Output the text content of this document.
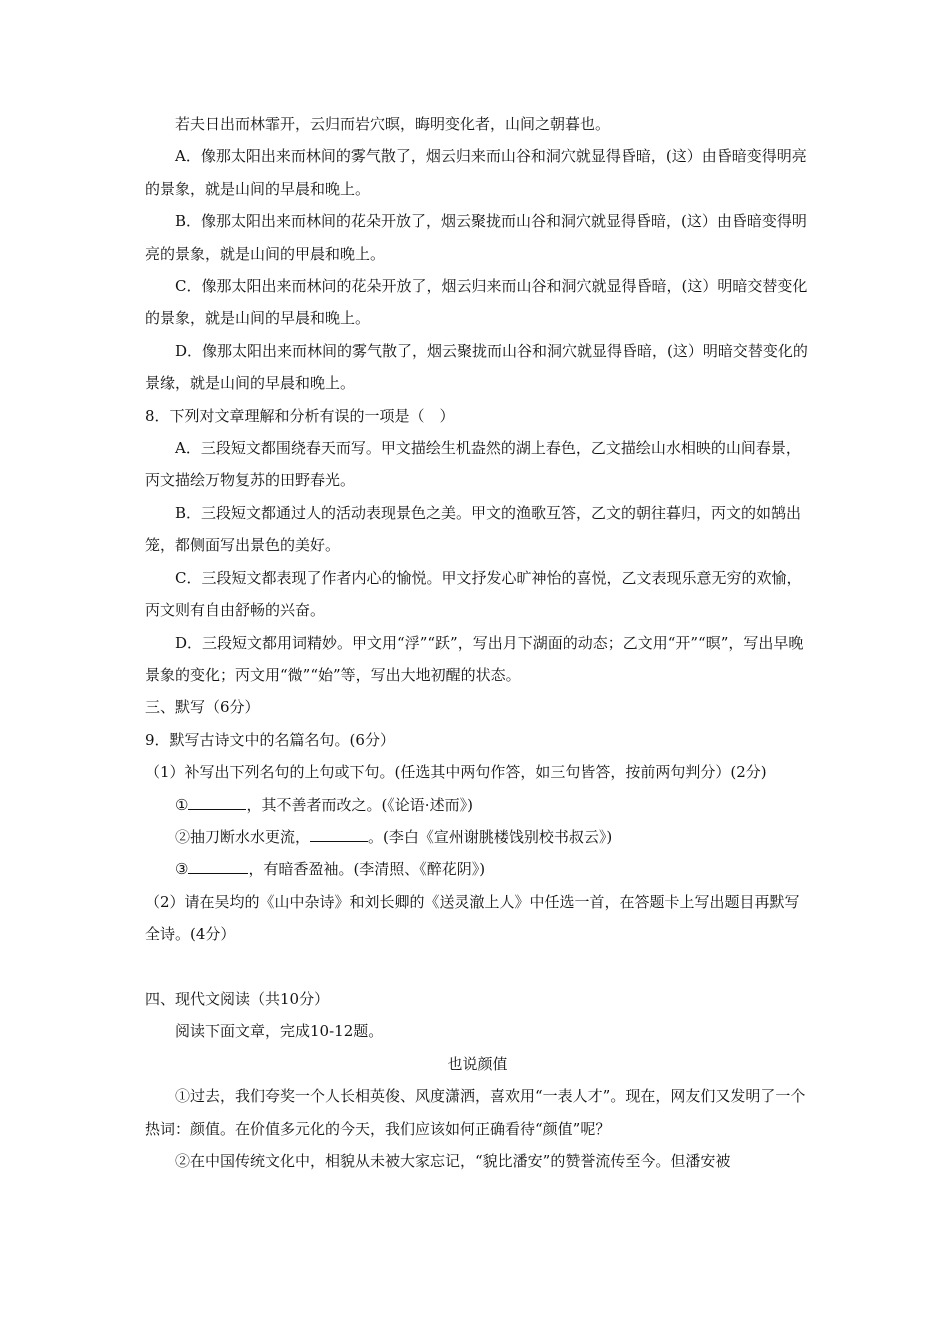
若夫日出而林霏开，云归而岩穴暝，晦明变化者，山间之朝暮也。

A．像那太阳出来而林间的雾气散了，烟云归来而山谷和洞穴就显得昏暗，(这）由昏暗变得明亮的景象，就是山间的早晨和晚上。

B．像那太阳出来而林间的花朵开放了，烟云聚拢而山谷和洞穴就显得昏暗，(这）由昏暗变得明亮的景象，就是山间的甲晨和晚上。

C．像那太阳出来而林问的花朵开放了，烟云归来而山谷和洞穴就显得昏暗，(这）明暗交替变化的景象，就是山间的早晨和晚上。

D．像那太阳出来而林间的雾气散了，烟云聚拢而山谷和洞穴就显得昏暗，(这）明暗交替变化的景缘，就是山间的早晨和晚上。

8．下列对文章理解和分析有误的一项是（　）

A．三段短文都围绕春天而写。甲文描绘生机盎然的湖上春色，乙文描绘山水相映的山间春景，丙文描绘万物复苏的田野春光。

B．三段短文都通过人的活动表现景色之美。甲文的渔歌互答，乙文的朝往暮归，丙文的如鹄出笼，都侧面写出景色的美好。

C．三段短文都表现了作者内心的愉悦。甲文抒发心旷神怡的喜悦，乙文表现乐意无穷的欢愉，丙文则有自由舒畅的兴奋。

D．三段短文都用词精妙。甲文用“浮”“跃”，写出月下湖面的动态；乙文用“开”“暝”，写出早晚景象的变化；丙文用“微”“始”等，写出大地初醒的状态。

三、默写（6分）

9．默写古诗文中的名篇名句。(6分）

（1）补写出下列名句的上句或下句。(任选其中两句作答，如三句皆答，按前两句判分）(2分)

①	，其不善者而改之。(《论语·述而》)

②抽刀断水水更流，	。(李白《宣州谢朓楼饯别校书叔云》)

③	，有暗香盈袖。(李清照、《醉花阴》)

（2）请在吴均的《山中杂诗》和刘长卿的《送灵澈上人》中任选一首，在答题卡上写出题目再默写全诗。(4分）

四、现代文阅读（共10分）

阅读下面文章，完成10-12题。

也说颜值

①过去，我们夸奖一个人长相英俊、风度潇洒，喜欢用“一表人才”。现在，网友们又发明了一个热词：颜值。在价值多元化的今天，我们应该如何正确看待“颜值”呢？

②在中国传统文化中，相貌从未被大家忘记，“貌比潘安”的赞誉流传至今。但潘安被
